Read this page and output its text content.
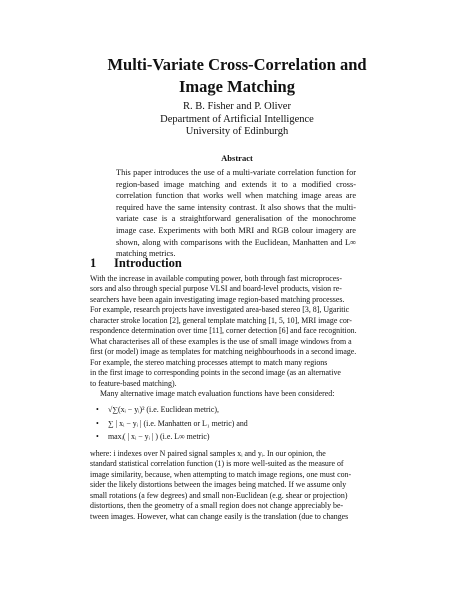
Multi-Variate Cross-Correlation and
Image Matching
R. B. Fisher and P. Oliver
Department of Artificial Intelligence
University of Edinburgh
Abstract
This paper introduces the use of a multi-variate correlation function for region-based image matching and extends it to a modified cross-correlation function that works well when matching image areas are required have the same intensity contrast. It also shows that the multi-variate case is a straightforward generalisation of the monochrome image case. Experiments with both MRI and RGB colour imagery are shown, along with comparisons with the Euclidean, Manhatten and L∞ matching metrics.
1 Introduction
With the increase in available computing power, both through fast microproces-
sors and also through special purpose VLSI and board-level products, vision re-
searchers have been again investigating image region-based matching processes.
For example, research projects have investigated area-based stereo [3, 8], Ugaritic
character stroke location [2], general template matching [1, 5, 10], MRI image cor-
respondence determination over time [11], corner detection [6] and face recognition.
What characterises all of these examples is the use of small image windows from a
first (or model) image as templates for matching neighbourhoods in a second image.
For example, the stereo matching processes attempt to match many regions
in the first image to corresponding points in the second image (as an alternative
to feature-based matching).
Many alternative image match evaluation functions have been considered:
• √∑(xᵢ − yᵢ)² (i.e. Euclidean metric),
• ∑ | xᵢ − yᵢ | (i.e. Manhatten or L₁ metric) and
• maxᵢ( | xᵢ − yᵢ | ) (i.e. L∞ metric)
where: i indexes over N paired signal samples xᵢ and yᵢ. In our opinion, the
standard statistical correlation function (1) is more well-suited as the measure of
image similarity, because, when attempting to match image regions, one must con-
sider the likely distortions between the images being matched. If we assume only
small rotations (a few degrees) and small non-Euclidean (e.g. shear or projection)
distortions, then the geometry of a small region does not change appreciably be-
tween images. However, what can change easily is the translation (due to changes
